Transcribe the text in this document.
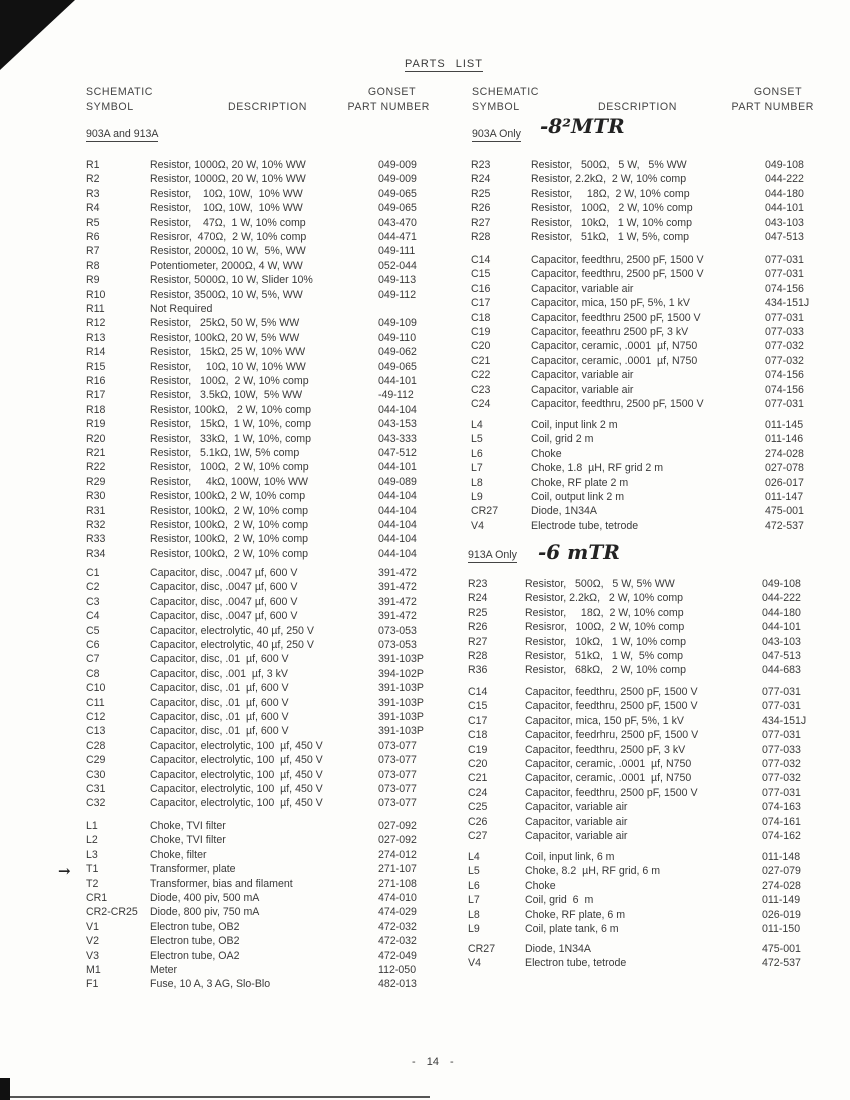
PARTS LIST
SCHEMATIC
SYMBOL	DESCRIPTION
GONSET
PART NUMBER
SCHEMATIC
SYMBOL	DESCRIPTION
GONSET
PART NUMBER
903A and 913A	903A Only -8²MTR
913A Only -6 mTR
→
R1	Resistor, 1000Ω, 20 W, 10% WW	049-009
R2	Resistor, 1000Ω, 20 W, 10% WW	049-009
R3	Resistor,    10Ω, 10W,  10% WW	049-065
R4	Resistor,    10Ω, 10W,  10% WW	049-065
R5	Resistor,    47Ω,  1 W, 10% comp	043-470
R6	Resisror,  470Ω,  2 W, 10% comp	044-471
R7	Resistor, 2000Ω, 10 W,  5%, WW	049-111
R8	Potentiometer, 2000Ω, 4 W, WW	052-044
R9	Resistor, 5000Ω, 10 W, Slider 10%	049-113
R10	Resistor, 3500Ω, 10 W, 5%, WW	049-112
R11	Not Required
R12	Resistor,   25kΩ, 50 W, 5% WW	049-109
R13	Resistor, 100kΩ, 20 W, 5% WW	049-110
R14	Resistor,   15kΩ, 25 W, 10% WW	049-062
R15	Resistor,     10Ω, 10 W, 10% WW	049-065
R16	Resistor,   100Ω,  2 W, 10% comp	044-101
R17	Resistor,   3.5kΩ, 10W,  5% WW	-49-112
R18	Resistor, 100kΩ,   2 W, 10% comp	044-104
R19	Resistor,   15kΩ,  1 W, 10%, comp	043-153
R20	Resistor,   33kΩ,  1 W, 10%, comp	043-333
R21	Resistor,   5.1kΩ, 1W, 5% comp	047-512
R22	Resistor,   100Ω,  2 W, 10% comp	044-101
R29	Resistor,     4kΩ, 100W, 10% WW	049-089
R30	Resistor, 100kΩ, 2 W, 10% comp	044-104
R31	Resistor, 100kΩ,  2 W, 10% comp	044-104
R32	Resistor, 100kΩ,  2 W, 10% comp	044-104
R33	Resistor, 100kΩ,  2 W, 10% comp	044-104
R34	Resistor, 100kΩ,  2 W, 10% comp	044-104
C1	Capacitor, disc, .0047 µf, 600 V	391-472
C2	Capacitor, disc, .0047 µf, 600 V	391-472
C3	Capacitor, disc, .0047 µf, 600 V	391-472
C4	Capacitor, disc, .0047 µf, 600 V	391-472
C5	Capacitor, electrolytic, 40 µf, 250 V	073-053
C6	Capacitor, electrolytic, 40 µf, 250 V	073-053
C7	Capacitor, disc, .01  µf, 600 V	391-103P
C8	Capacitor, disc, .001  µf, 3 kV	394-102P
C10	Capacitor, disc, .01  µf, 600 V	391-103P
C11	Capacitor, disc, .01  µf, 600 V	391-103P
C12	Capacitor, disc, .01  µf, 600 V	391-103P
C13	Capacitor, disc, .01  µf, 600 V	391-103P
C28	Capacitor, electrolytic, 100  µf, 450 V	073-077
C29	Capacitor, electrolytic, 100  µf, 450 V	073-077
C30	Capacitor, electrolytic, 100  µf, 450 V	073-077
C31	Capacitor, electrolytic, 100  µf, 450 V	073-077
C32	Capacitor, electrolytic, 100  µf, 450 V	073-077
L1	Choke, TVI filter	027-092
L2	Choke, TVI filter	027-092
L3	Choke, filter	274-012
T1	Transformer, plate	271-107
T2	Transformer, bias and filament	271-108
CR1	Diode, 400 piv, 500 mA	474-010
CR2-CR25 Diode, 800 piv, 750 mA	474-029
V1	Electron tube, OB2	472-032
V2	Electron tube, OB2	472-032
V3	Electron tube, OA2	472-049
M1	Meter	112-050
F1	Fuse, 10 A, 3 AG, Slo-Blo	482-013
R23	Resistor,   500Ω,   5 W,   5% WW	049-108
R24	Resistor, 2.2kΩ,  2 W, 10% comp	044-222
R25	Resistor,     18Ω,  2 W, 10% comp	044-180
R26	Resistor,   100Ω,   2 W, 10% comp	044-101
R27	Resistor,   10kΩ,   1 W, 10% comp	043-103
R28	Resistor,   51kΩ,   1 W, 5%, comp	047-513
C14	Capacitor, feedthru, 2500 pF, 1500 V	077-031
C15	Capacitor, feedthru, 2500 pF, 1500 V	077-031
C16	Capacitor, variable air	074-156
C17	Capacitor, mica, 150 pF, 5%, 1 kV	434-151J
C18	Capacitor, feedthru 2500 pF, 1500 V	077-031
C19	Capacitor, feeathru 2500 pF, 3 kV	077-033
C20	Capacitor, ceramic, .0001  µf, N750	077-032
C21	Capacitor, ceramic, .0001  µf, N750	077-032
C22	Capacitor, variable air	074-156
C23	Capacitor, variable air	074-156
C24	Capacitor, feedthru, 2500 pF, 1500 V	077-031
L4	Coil, input link 2 m	011-145
L5	Coil, grid 2 m	011-146
L6	Choke	274-028
L7	Choke, 1.8  µH, RF grid 2 m	027-078
L8	Choke, RF plate 2 m	026-017
L9	Coil, output link 2 m	011-147
CR27	Diode, 1N34A	475-001
V4	Electrode tube, tetrode	472-537
R23	Resistor,   500Ω,   5 W, 5% WW	049-108
R24	Resistor, 2.2kΩ,   2 W, 10% comp	044-222
R25	Resistor,     18Ω,  2 W, 10% comp	044-180
R26	Resisror,   100Ω,  2 W, 10% comp	044-101
R27	Resistor,   10kΩ,   1 W, 10% comp	043-103
R28	Resistor,   51kΩ,   1 W,  5% comp	047-513
R36	Resistor,   68kΩ,   2 W, 10% comp	044-683
C14	Capacitor, feedthru, 2500 pF, 1500 V	077-031
C15	Capacitor, feedthru, 2500 pF, 1500 V	077-031
C17	Capacitor, mica, 150 pF, 5%, 1 kV	434-151J
C18	Capacitor, feedrhru, 2500 pF, 1500 V	077-031
C19	Capacitor, feedthru, 2500 pF, 3 kV	077-033
C20	Capacitor, ceramic, .0001  µf, N750	077-032
C21	Capacitor, ceramic, .0001  µf, N750	077-032
C24	Capacitor, feedthru, 2500 pF, 1500 V	077-031
C25	Capacitor, variable air	074-163
C26	Capacitor, variable air	074-161
C27	Capacitor, variable air	074-162
L4	Coil, input link, 6 m	011-148
L5	Choke, 8.2  µH, RF grid, 6 m	027-079
L6	Choke	274-028
L7	Coil, grid  6  m	011-149
L8	Choke, RF plate, 6 m	026-019
L9	Coil, plate tank, 6 m	011-150
CR27	Diode, 1N34A	475-001
V4	Electron tube, tetrode	472-537
- 14 -
